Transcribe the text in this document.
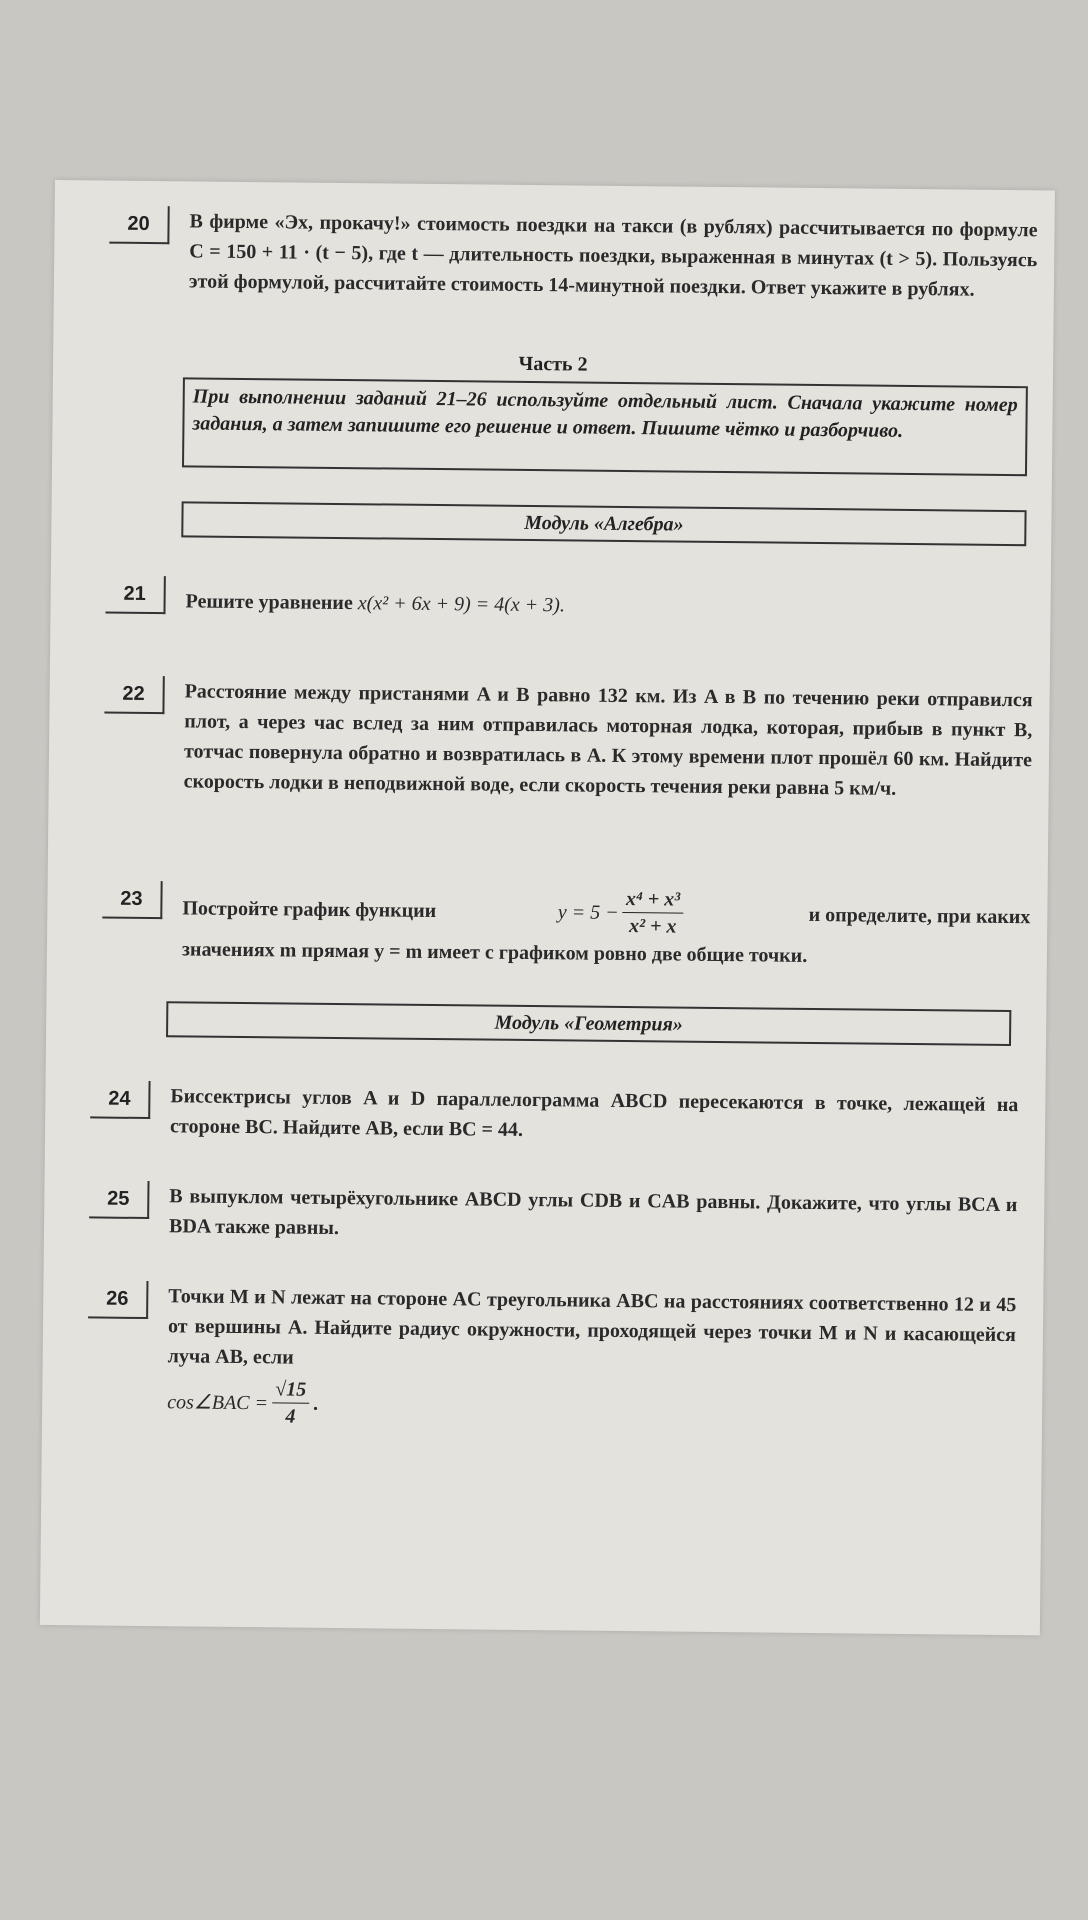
20	В фирме «Эх, прокачу!» стоимость поездки на такси (в рублях) рассчитывается по формуле C = 150 + 11 · (t − 5), где t — длительность поездки, выраженная в минутах (t > 5). Пользуясь этой формулой, рассчитайте стоимость 14-минутной поездки. Ответ укажите в рублях.
Часть 2
При выполнении заданий 21–26 используйте отдельный лист. Сначала укажите номер задания, а затем запишите его решение и ответ. Пишите чётко и разборчиво.
Модуль «Алгебра»
21	Решите уравнение x(x² + 6x + 9) = 4(x + 3).
22	Расстояние между пристанями A и B равно 132 км. Из A в B по течению реки отправился плот, а через час вслед за ним отправилась моторная лодка, которая, прибыв в пункт B, тотчас повернула обратно и возвратилась в A. К этому времени плот прошёл 60 км. Найдите скорость лодки в неподвижной воде, если скорость течения реки равна 5 км/ч.
23	Постройте график функции	$y = 5 - \frac{\text{x⁴ + x³}}{\text{x² + x}}$	и определите, при каких
значениях m прямая y = m имеет с графиком ровно две общие точки.
Модуль «Геометрия»
24	Биссектрисы углов A и D параллелограмма ABCD пересекаются в точке, лежащей на стороне BC. Найдите AB, если BC = 44.
25	В выпуклом четырёхугольнике ABCD углы CDB и CAB равны. Докажите, что углы BCA и BDA также равны.
26	Точки M и N лежат на стороне AC треугольника ABC на расстояниях соответственно 12 и 45 от вершины A. Найдите радиус окружности, проходящей через точки M и N и касающейся луча AB, если
cos∠BAC = $\frac{√15}{4}$ .
